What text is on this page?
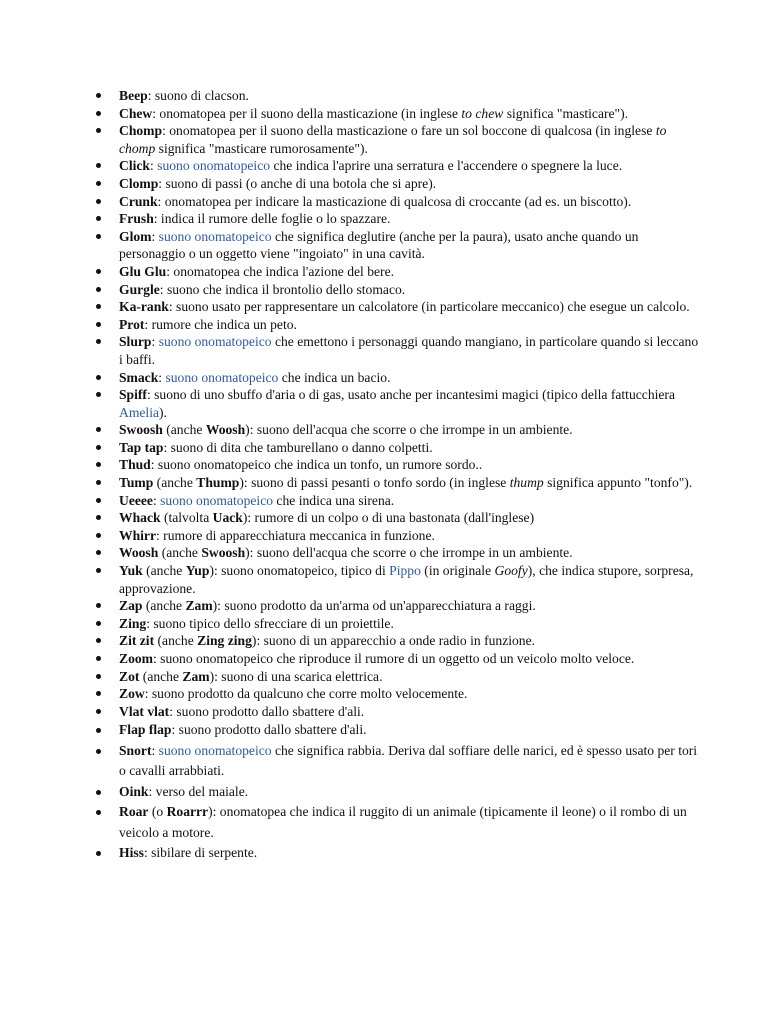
Beep: suono di clacson.
Chew: onomatopea per il suono della masticazione (in inglese to chew significa "masticare").
Chomp: onomatopea per il suono della masticazione o fare un sol boccone di qualcosa (in inglese to chomp significa "masticare rumorosamente").
Click: suono onomatopeico che indica l'aprire una serratura e l'accendere o spegnere la luce.
Clomp: suono di passi (o anche di una botola che si apre).
Crunk: onomatopea per indicare la masticazione di qualcosa di croccante (ad es. un biscotto).
Frush: indica il rumore delle foglie o lo spazzare.
Glom: suono onomatopeico che significa deglutire (anche per la paura), usato anche quando un personaggio o un oggetto viene "ingoiato" in una cavità.
Glu Glu: onomatopea che indica l'azione del bere.
Gurgle: suono che indica il brontolio dello stomaco.
Ka-rank: suono usato per rappresentare un calcolatore (in particolare meccanico) che esegue un calcolo.
Prot: rumore che indica un peto.
Slurp: suono onomatopeico che emettono i personaggi quando mangiano, in particolare quando si leccano i baffi.
Smack: suono onomatopeico che indica un bacio.
Spiff: suono di uno sbuffo d'aria o di gas, usato anche per incantesimi magici (tipico della fattucchiera Amelia).
Swoosh (anche Woosh): suono dell'acqua che scorre o che irrompe in un ambiente.
Tap tap: suono di dita che tamburellano o danno colpetti.
Thud: suono onomatopeico che indica un tonfo, un rumore sordo..
Tump (anche Thump): suono di passi pesanti o tonfo sordo (in inglese thump significa appunto "tonfo").
Ueeee: suono onomatopeico che indica una sirena.
Whack (talvolta Uack): rumore di un colpo o di una bastonata (dall'inglese)
Whirr: rumore di apparecchiatura meccanica in funzione.
Woosh (anche Swoosh): suono dell'acqua che scorre o che irrompe in un ambiente.
Yuk (anche Yup): suono onomatopeico, tipico di Pippo (in originale Goofy), che indica stupore, sorpresa, approvazione.
Zap (anche Zam): suono prodotto da un'arma od un'apparecchiatura a raggi.
Zing: suono tipico dello sfrecciare di un proiettile.
Zit zit (anche Zing zing): suono di un apparecchio a onde radio in funzione.
Zoom: suono onomatopeico che riproduce il rumore di un oggetto od un veicolo molto veloce.
Zot (anche Zam): suono di una scarica elettrica.
Zow: suono prodotto da qualcuno che corre molto velocemente.
Vlat vlat: suono prodotto dallo sbattere d'ali.
Flap flap: suono prodotto dallo sbattere d'ali.
Snort: suono onomatopeico che significa rabbia. Deriva dal soffiare delle narici, ed è spesso usato per tori o cavalli arrabbiati.
Oink: verso del maiale.
Roar (o Roarrr): onomatopea che indica il ruggito di un animale (tipicamente il leone) o il rombo di un veicolo a motore.
Hiss: sibilare di serpente.
